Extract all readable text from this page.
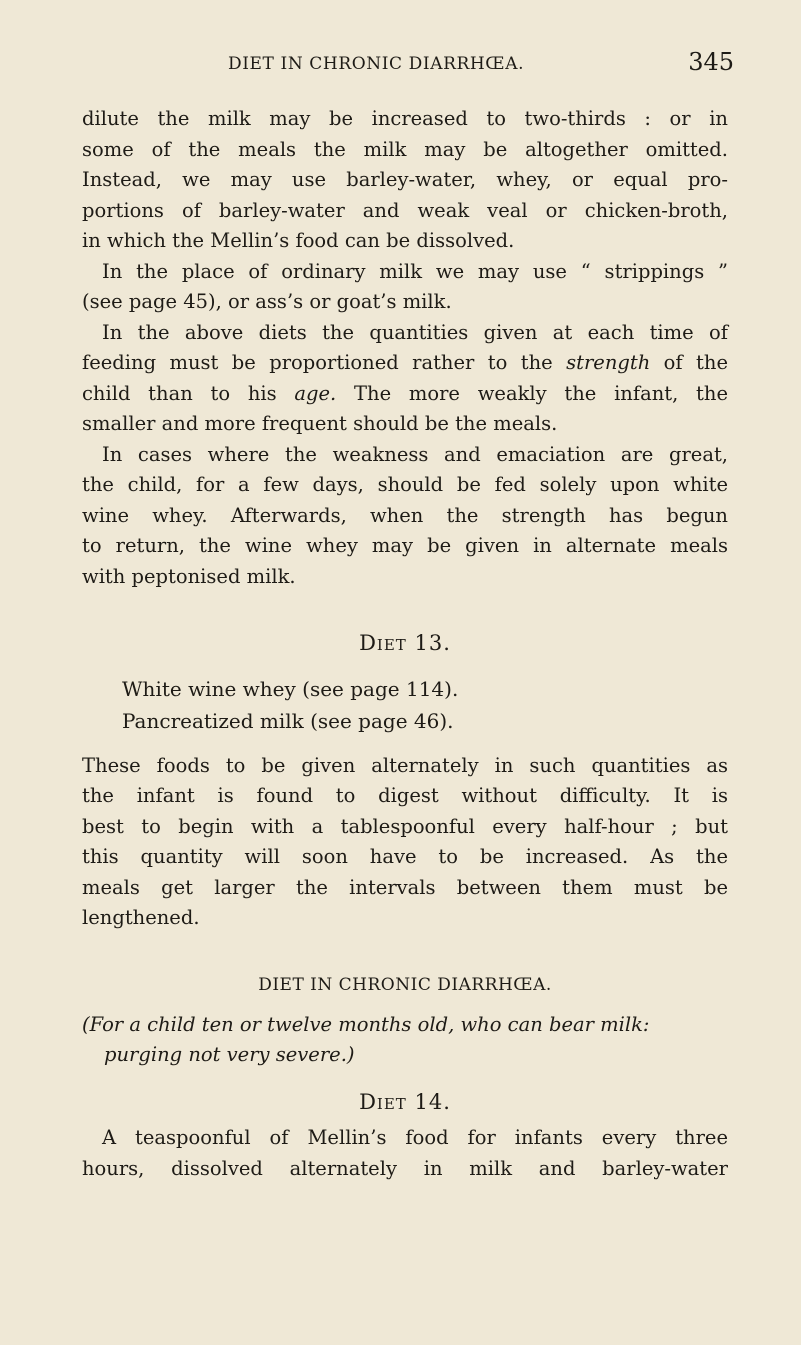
DIET IN CHRONIC DIARRHŒA.	345

dilute the milk may be increased to two-thirds : or in

some of the meals the milk may be altogether omitted.

Instead, we may use barley-water, whey, or equal pro-

portions of barley-water and weak veal or chicken-broth,

in which the Mellin’s food can be dissolved.

In the place of ordinary milk we may use “ strippings ”

(see page 45), or ass’s or goat’s milk.

In the above diets the quantities given at each time of

feeding must be proportioned rather to the strength of the

child than to his age. The more weakly the infant, the

smaller and more frequent should be the meals.

In cases where the weakness and emaciation are great,

the child, for a few days, should be fed solely upon white

wine whey. Afterwards, when the strength has begun

to return, the wine whey may be given in alternate meals

with peptonised milk.

Diet 13.

White wine whey (see page 114).

Pancreatized milk (see page 46).

These foods to be given alternately in such quantities as

the infant is found to digest without difficulty. It is

best to begin with a tablespoonful every half-hour ; but

this quantity will soon have to be increased. As the

meals get larger the intervals between them must be

lengthened.

DIET IN CHRONIC DIARRHŒA.

(For a child ten or twelve months old, who can bear milk:

purging not very severe.)

Diet 14.

A teaspoonful of Mellin’s food for infants every three

hours, dissolved alternately in milk and barley-water
